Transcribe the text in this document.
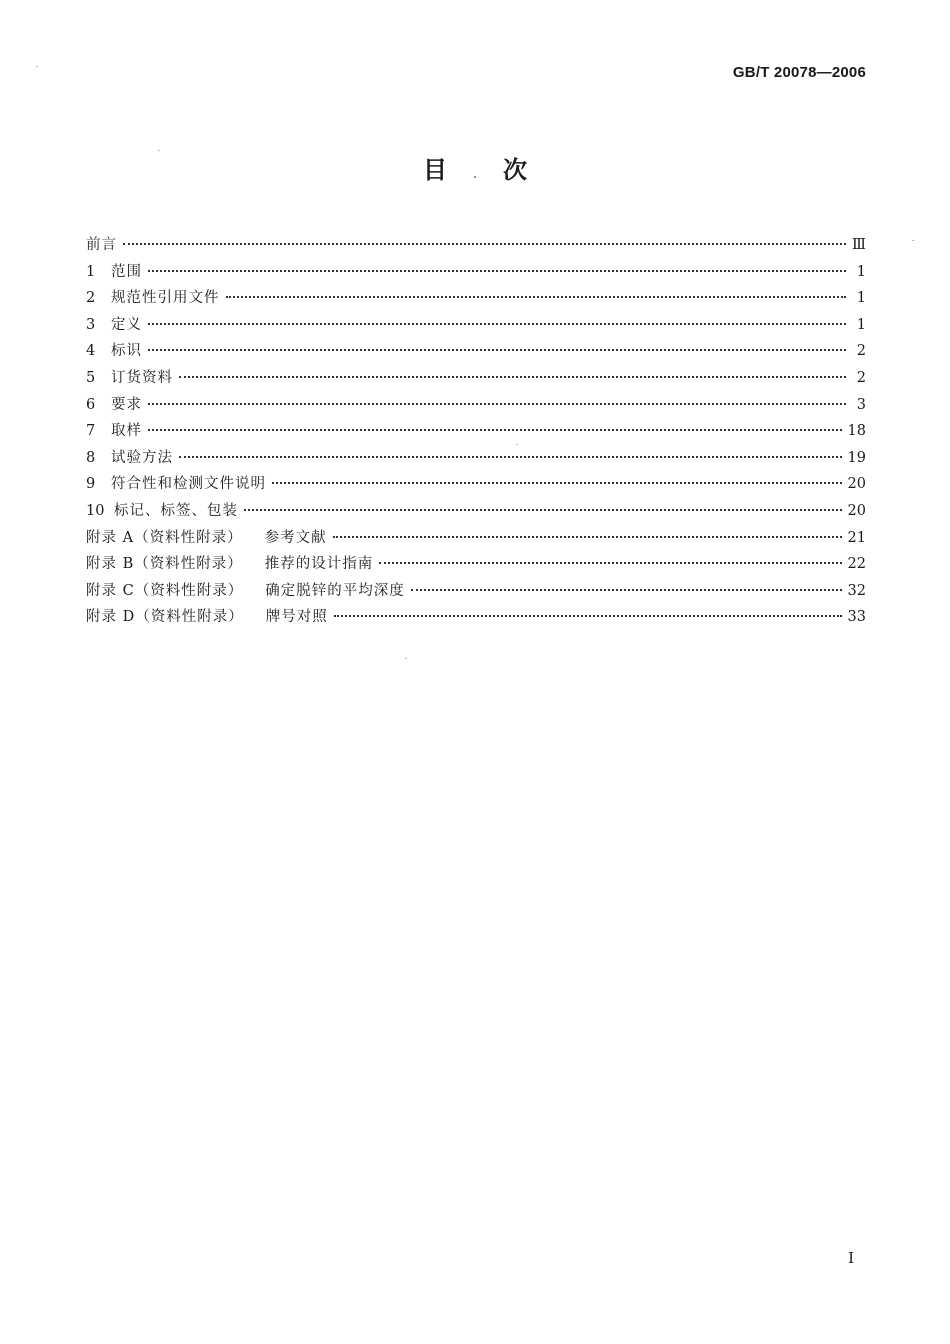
GB/T 20078—2006
目 . 次
前言	Ⅲ
1	范围	1
2	规范性引用文件	1
3	定义	1
4	标识	2
5	订货资料	2
6	要求	3
7	取样	18
8	试验方法	19
9	符合性和检测文件说明	20
10 标记、标签、包装	20
附录 A（资料性附录） 参考文献	21
附录 B（资料性附录） 推荐的设计指南	22
附录 C（资料性附录） 确定脱锌的平均深度	32
附录 D（资料性附录） 牌号对照	33
I
